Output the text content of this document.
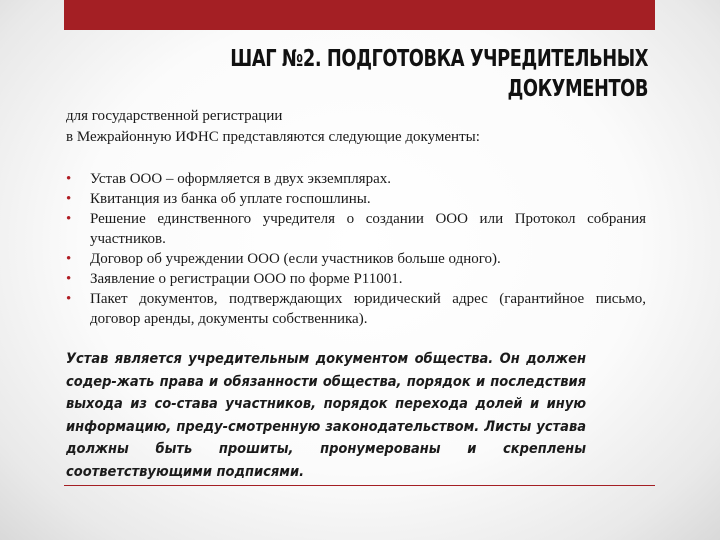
ШАГ №2. ПОДГОТОВКА УЧРЕДИТЕЛЬНЫХ
ДОКУМЕНТОВ
для государственной регистрации
в Межрайонную ИФНС представляются следующие документы:
• Устав ООО – оформляется в двух экземплярах.
• Квитанция из банка об уплате госпошлины.
• Решение единственного учредителя о создании ООО или Протокол собрания участников.
• Договор об учреждении ООО (если участников больше одного).
• Заявление о регистрации ООО по форме Р11001.
• Пакет документов, подтверждающих юридический адрес (гарантийное письмо, договор аренды, документы собственника).
Устав является учредительным документом общества. Он должен содер-жать права и обязанности общества, порядок и последствия выхода из со-става участников, порядок перехода долей и иную информацию, преду-смотренную законодательством. Листы устава должны быть прошиты, пронумерованы и скреплены соответствующими подписями.
